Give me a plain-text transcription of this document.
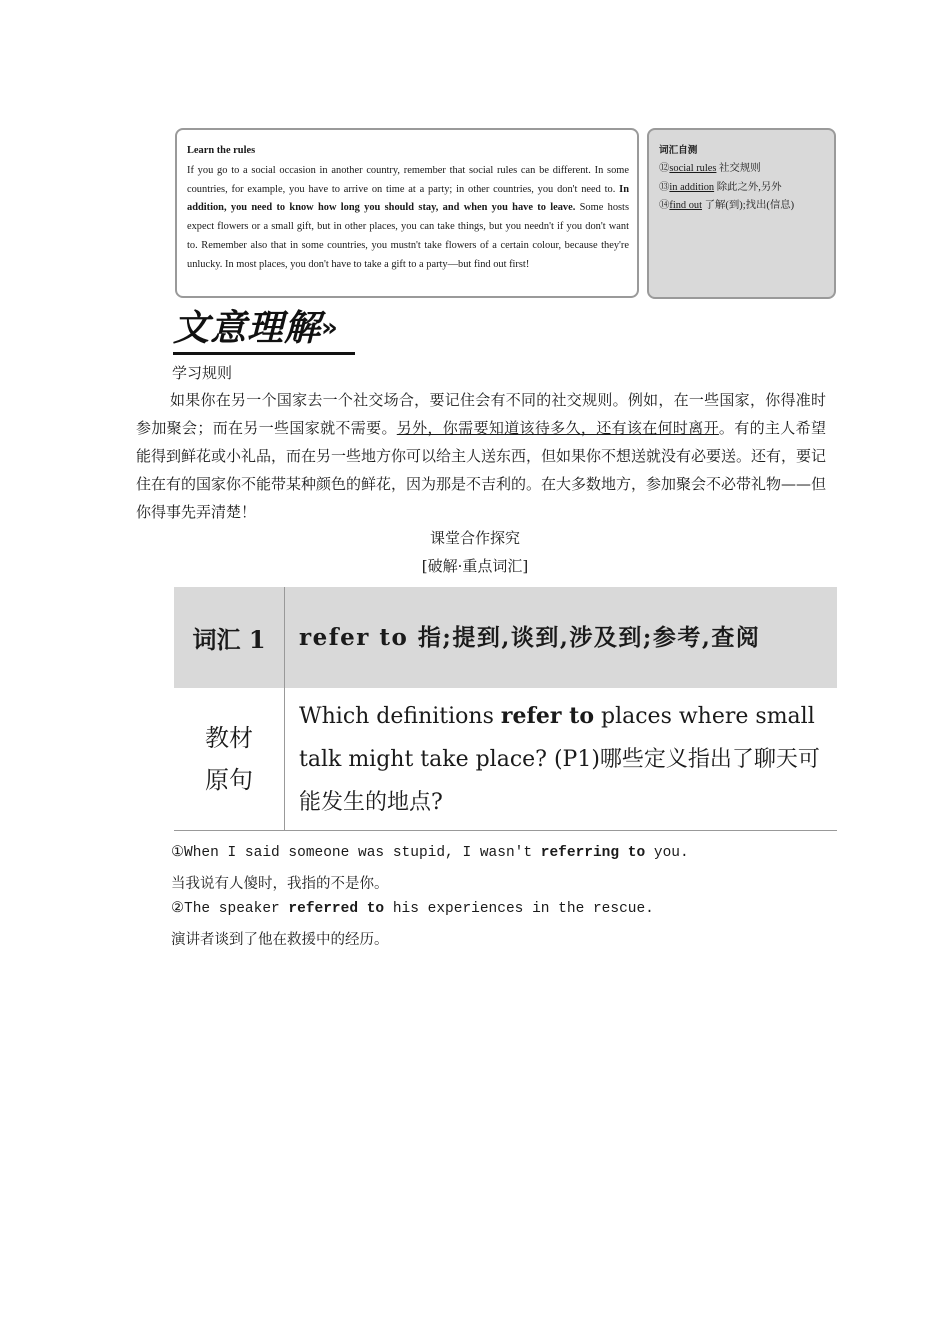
Learn the rules
If you go to a social occasion in another country, remember that social rules can be different. In some countries, for example, you have to arrive on time at a party; in other countries, you don't need to. In addition, you need to know how long you should stay, and when you have to leave. Some hosts expect flowers or a small gift, but in other places, you can take things, but you needn't if you don't want to. Remember also that in some countries, you mustn't take flowers of a certain colour, because they're unlucky. In most places, you don't have to take a gift to a party—but find out first!
词汇自测
⑫social rules 社交规则
⑬in addition 除此之外,另外
⑭find out 了解(到);找出(信息)
文意理解»
学习规则
如果你在另一个国家去一个社交场合，要记住会有不同的社交规则。例如，在一些国家，你得准时参加聚会；而在另一些国家就不需要。另外，你需要知道该待多久，还有该在何时离开。有的主人希望能得到鲜花或小礼品，而在另一些地方你可以给主人送东西，但如果你不想送就没有必要送。还有，要记住在有的国家你不能带某种颜色的鲜花，因为那是不吉利的。在大多数地方，参加聚会不必带礼物——但你得事先弄清楚！
课堂合作探究
[破解·重点词汇]
词汇 1	refer to 指;提到,谈到,涉及到;参考,查阅

教材
原句	Which definitions refer to places where small talk might take place? (P1)哪些定义指出了聊天可能发生的地点?
①When I said someone was stupid, I wasn't referring to you.
当我说有人傻时，我指的不是你。
②The speaker referred to his experiences in the rescue.
演讲者谈到了他在救援中的经历。
